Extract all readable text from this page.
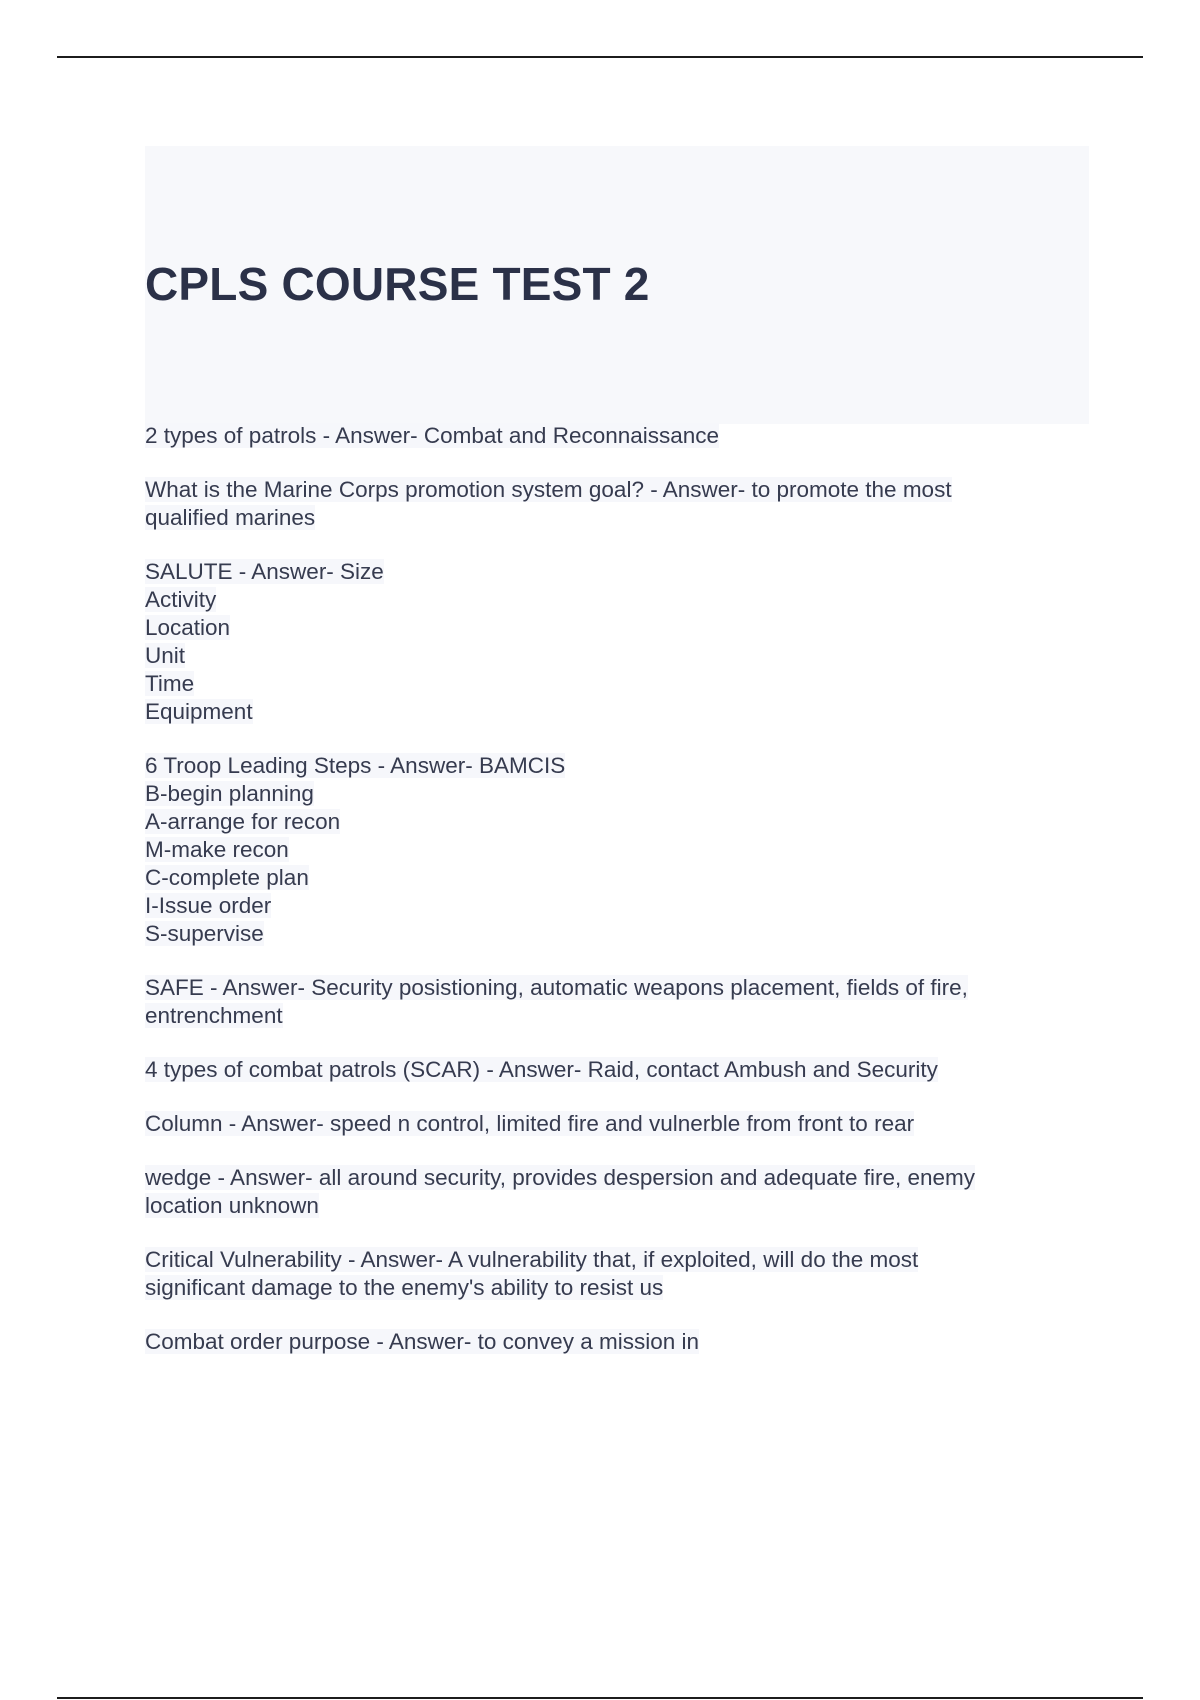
CPLS COURSE TEST 2
2 types of patrols - Answer- Combat and Reconnaissance
What is the Marine Corps promotion system goal? - Answer- to promote the most
qualified marines
SALUTE - Answer- Size
Activity
Location
Unit
Time
Equipment
6 Troop Leading Steps - Answer- BAMCIS
B-begin planning
A-arrange for recon
M-make recon
C-complete plan
I-Issue order
S-supervise
SAFE - Answer- Security posistioning, automatic weapons placement, fields of fire,
entrenchment
4 types of combat patrols (SCAR) - Answer- Raid, contact Ambush and Security
Column - Answer- speed n control, limited fire and vulnerble from front to rear
wedge - Answer- all around security, provides despersion and adequate fire, enemy
location unknown
Critical Vulnerability - Answer- A vulnerability that, if exploited, will do the most
significant damage to the enemy's ability to resist us
Combat order purpose - Answer- to convey a mission in
